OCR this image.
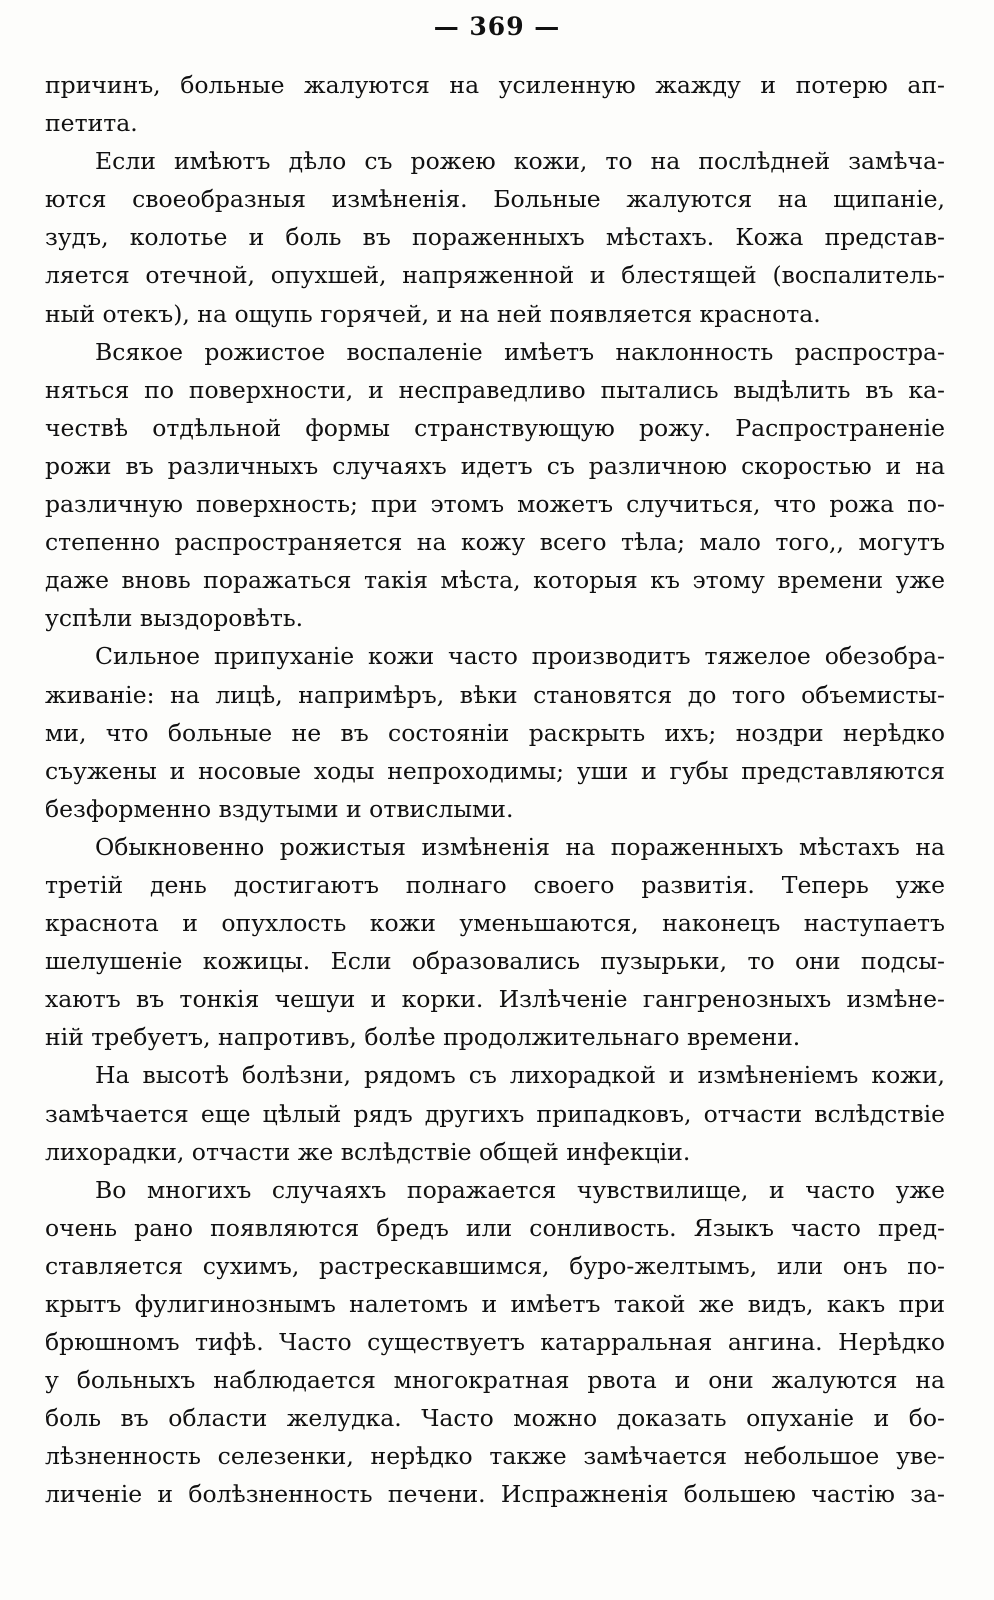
— 369 —
причинъ, больные жалуются на усиленную жажду и потерю ап-
петита.
Если имѣютъ дѣло съ рожею кожи, то на послѣдней замѣча-
ются своеобразныя измѣненія. Больные жалуются на щипаніе,
зудъ, колотье и боль въ пораженныхъ мѣстахъ. Кожа представ-
ляется отечной, опухшей, напряженной и блестящей (воспалитель-
ный отекъ), на ощупь горячей, и на ней появляется краснота.
Всякое рожистое воспаленіе имѣетъ наклонность распростра-
няться по поверхности, и несправедливо пытались выдѣлить въ ка-
чествѣ отдѣльной формы странствующую рожу. Распространеніе
рожи въ различныхъ случаяхъ идетъ съ различною скоростью и на
различную поверхность; при этомъ можетъ случиться, что рожа по-
степенно распространяется на кожу всего тѣла; мало того,, могутъ
даже вновь поражаться такія мѣста, которыя къ этому времени уже
успѣли выздоровѣть.
Сильное припуханіе кожи часто производитъ тяжелое обезобра-
живаніе: на лицѣ, напримѣръ, вѣки становятся до того объемисты-
ми, что больные не въ состояніи раскрыть ихъ; ноздри нерѣдко
съужены и носовые ходы непроходимы; уши и губы представляются
безформенно вздутыми и отвислыми.
Обыкновенно рожистыя измѣненія на пораженныхъ мѣстахъ на
третій день достигаютъ полнаго своего развитія. Теперь уже
краснота и опухлость кожи уменьшаются, наконецъ наступаетъ
шелушеніе кожицы. Если образовались пузырьки, то они подсы-
хаютъ въ тонкія чешуи и корки. Излѣченіе гангренозныхъ измѣне-
ній требуетъ, напротивъ, болѣе продолжительнаго времени.
На высотѣ болѣзни, рядомъ съ лихорадкой и измѣненіемъ кожи,
замѣчается еще цѣлый рядъ другихъ припадковъ, отчасти вслѣдствіе
лихорадки, отчасти же вслѣдствіе общей инфекціи.
Во многихъ случаяхъ поражается чувствилище, и часто уже
очень рано появляются бредъ или сонливость. Языкъ часто пред-
ставляется сухимъ, растрескавшимся, буро-желтымъ, или онъ по-
крытъ фулигинознымъ налетомъ и имѣетъ такой же видъ, какъ при
брюшномъ тифѣ. Часто существуетъ катарральная ангина. Нерѣдко
у больныхъ наблюдается многократная рвота и они жалуются на
боль въ области желудка. Часто можно доказать опуханіе и бо-
лѣзненность селезенки, нерѣдко также замѣчается небольшое уве-
личеніе и болѣзненность печени. Испражненія большею частію за-
